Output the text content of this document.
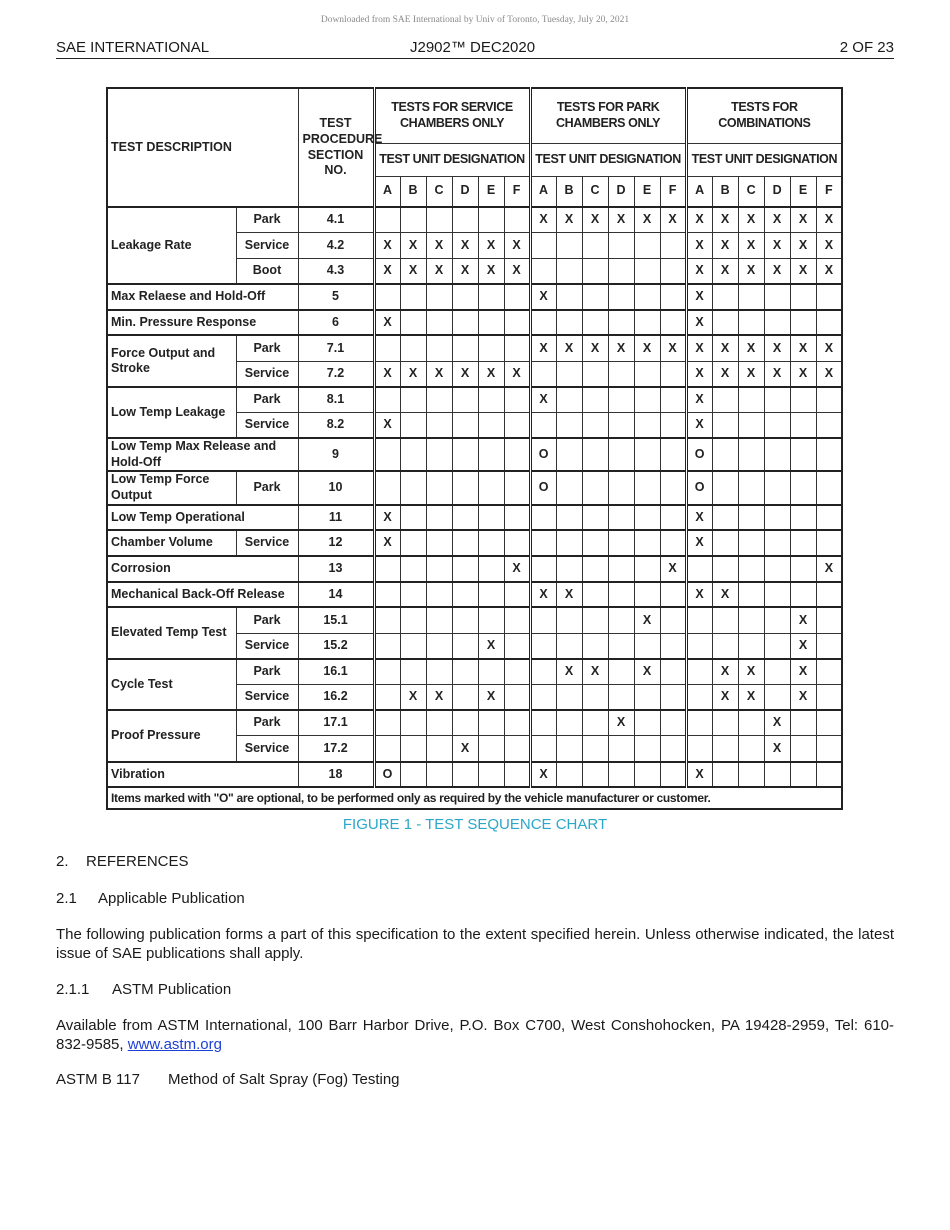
Downloaded from SAE International by Univ of Toronto, Tuesday, July 20, 2021
SAE INTERNATIONAL	J2902™ DEC2020	2 OF 23
TEST DESCRIPTION		TEST PROCEDURE SECTION NO.	TESTS FOR SERVICE CHAMBERS ONLY						TESTS FOR PARK CHAMBERS ONLY						TESTS FOR COMBINATIONS					
			TEST UNIT DESIGNATION						TEST UNIT DESIGNATION						TEST UNIT DESIGNATION					
			A	B	C	D	E	F	A	B	C	D	E	F	A	B	C	D	E	F
Leakage Rate	Park	4.1							X	X	X	X	X	X	X	X	X	X	X	X
	Service	4.2	X	X	X	X	X	X							X	X	X	X	X	X
	Boot	4.3	X	X	X	X	X	X							X	X	X	X	X	X
Max Relaese and Hold-Off		5							X						X					
Min. Pressure Response		6	X												X					
Force Output and Stroke	Park	7.1							X	X	X	X	X	X	X	X	X	X	X	X
	Service	7.2	X	X	X	X	X	X							X	X	X	X	X	X
Low Temp Leakage	Park	8.1							X						X					
	Service	8.2	X												X					
Low Temp Max Release and Hold-Off		9							O						O					
Low Temp Force Output	Park	10							O						O					
Low Temp Operational		11	X												X					
Chamber Volume	Service	12	X												X					
Corrosion		13						X						X						X
Mechanical Back-Off Release		14							X	X					X	X				
Elevated Temp Test	Park	15.1											X						X	
	Service	15.2					X												X	
Cycle Test	Park	16.1								X	X		X			X	X		X	
	Service	16.2		X	X		X									X	X		X	
Proof Pressure	Park	17.1										X						X		
	Service	17.2				X												X		
Vibration		18	O						X						X					
Items marked with "O" are optional, to be performed only as required by the vehicle manufacturer or customer.																				
FIGURE 1 - TEST SEQUENCE CHART
2. REFERENCES
2.1 Applicable Publication
The following publication forms a part of this specification to the extent specified herein. Unless otherwise indicated, the latest issue of SAE publications shall apply.
2.1.1 ASTM Publication
Available from ASTM International, 100 Barr Harbor Drive, P.O. Box C700, West Conshohocken, PA 19428-2959, Tel: 610-832-9585, www.astm.org
ASTM B 117 Method of Salt Spray (Fog) Testing
